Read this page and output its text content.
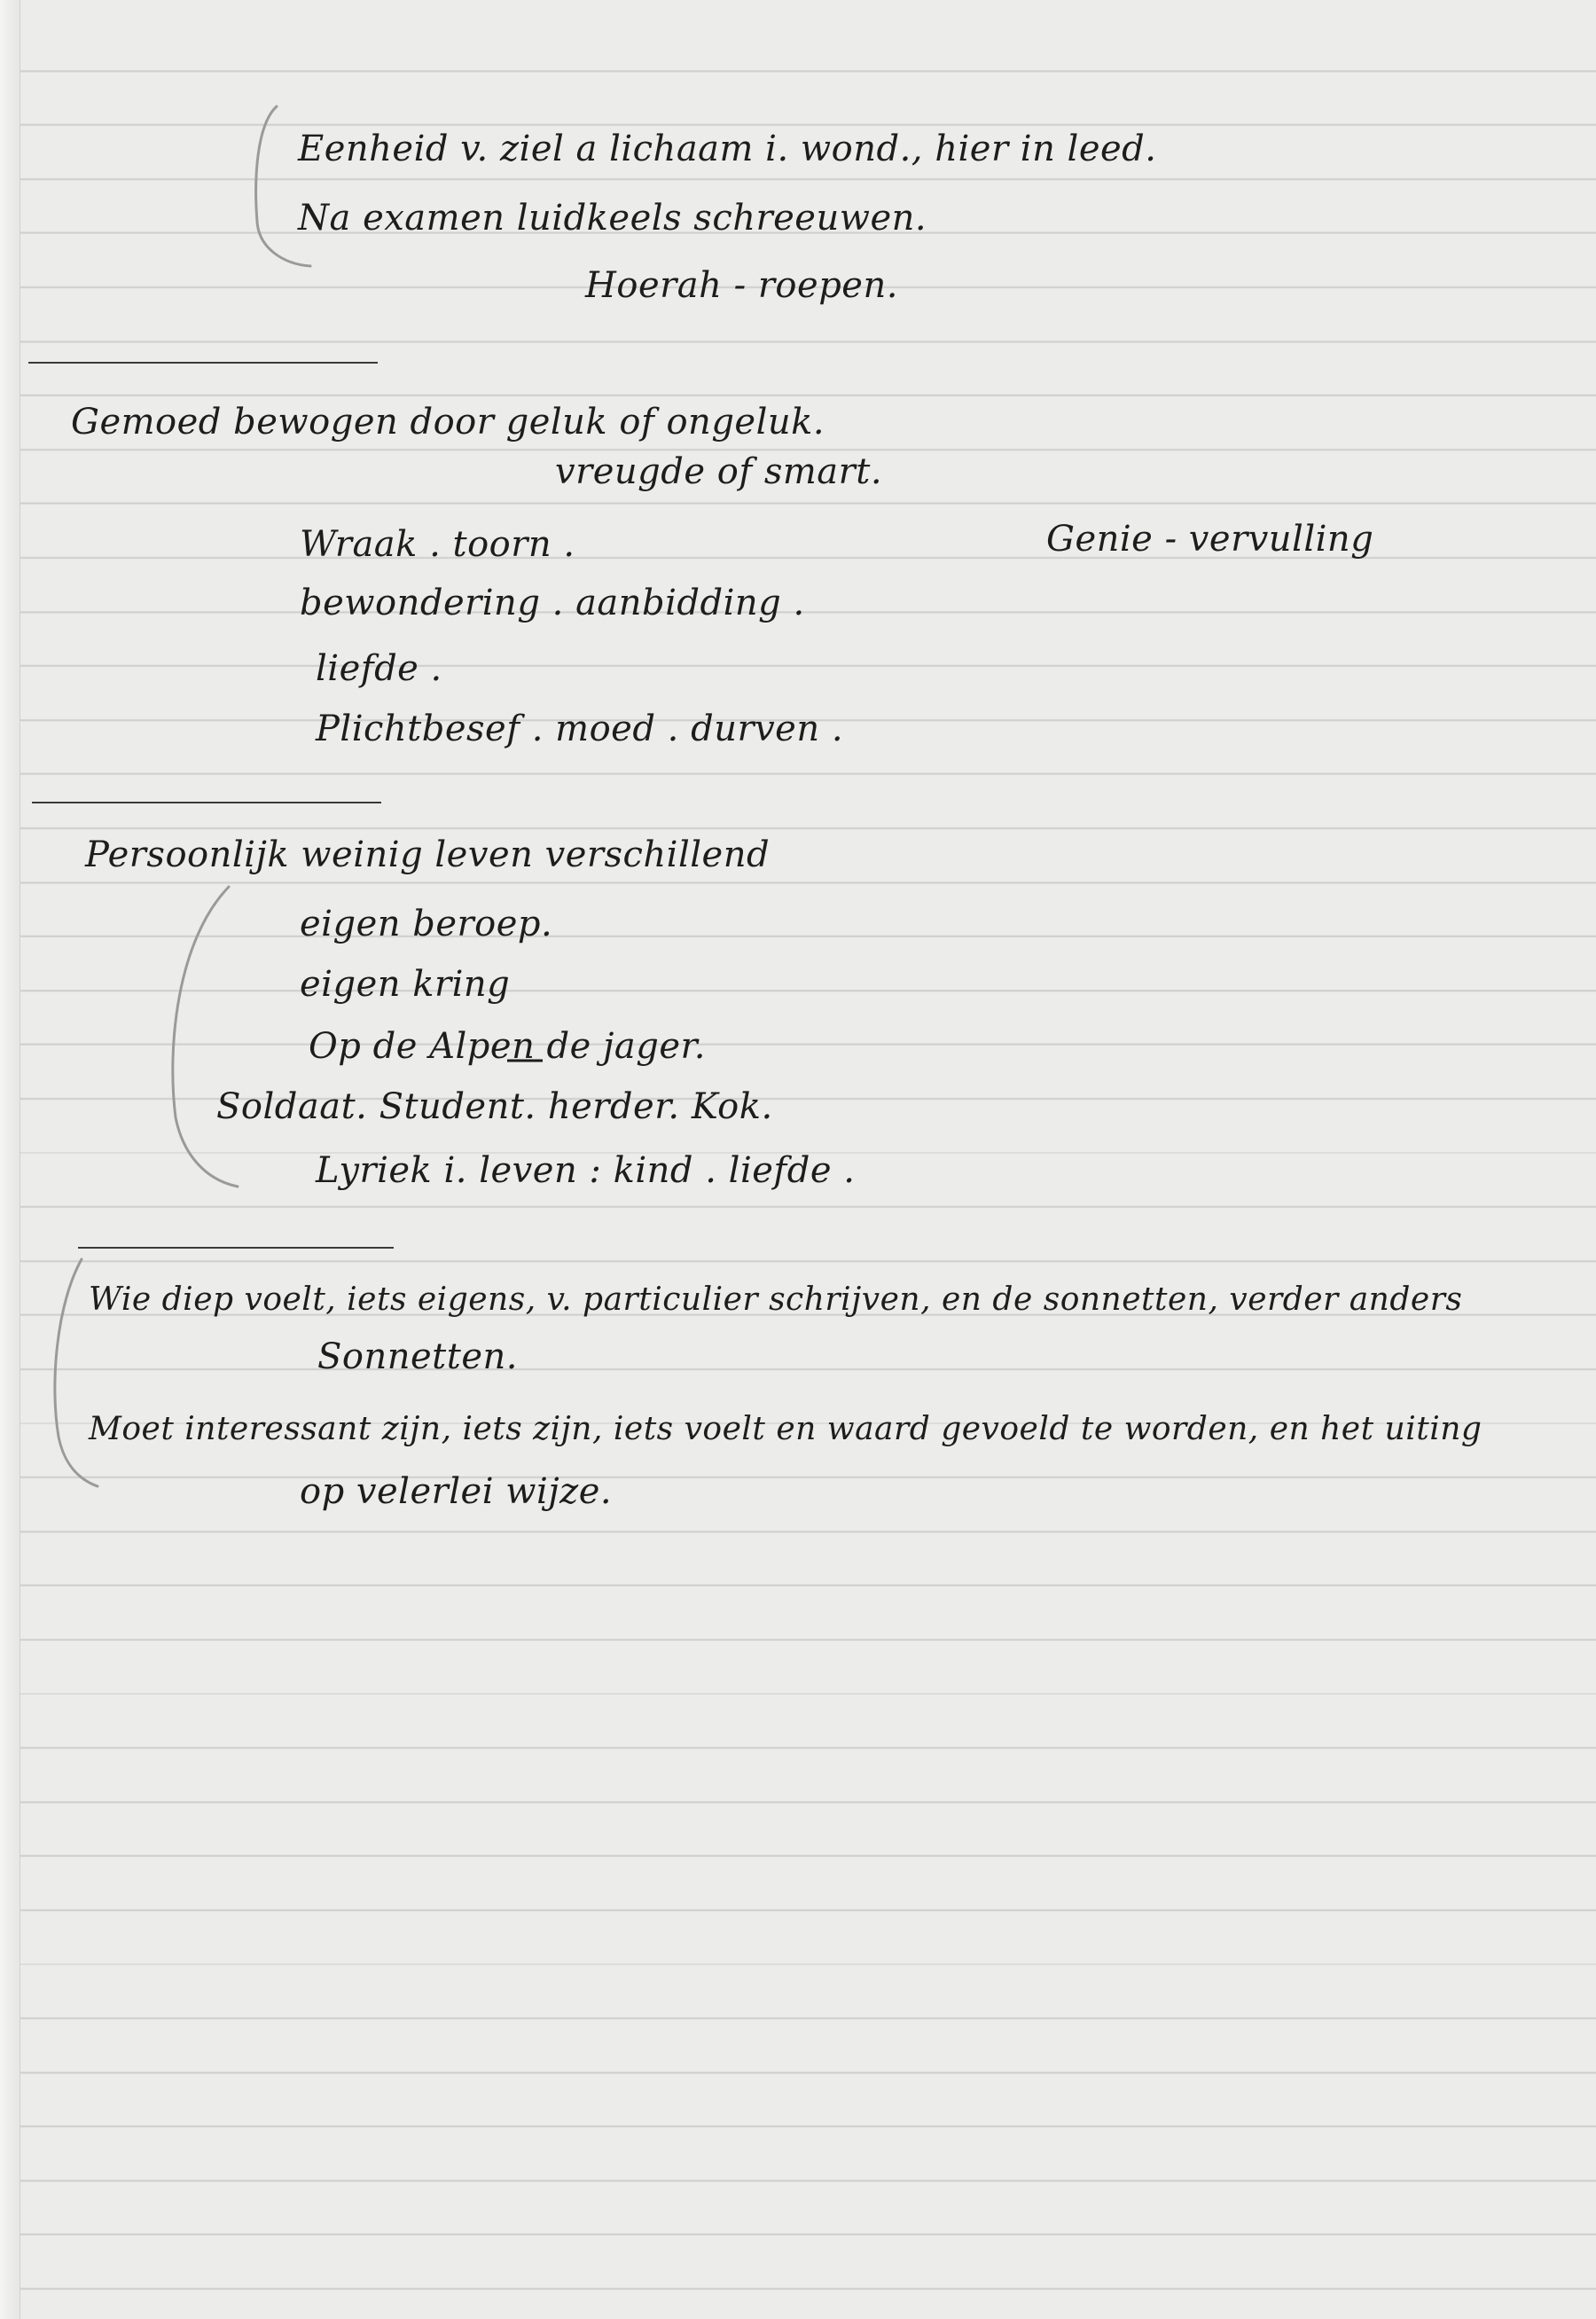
Eenheid v. ziel a lichaam i. wond., hier in leed.
Na examen luidkeels schreeuwen.
Hoerah - roepen.
Gemoed bewogen door geluk of ongeluk.
vreugde of smart.
Genie - vervulling
Wraak . toorn .
bewondering . aanbidding .
liefde .
Plichtbesef . moed . durven .
Persoonlijk weinig leven verschillend
eigen beroep.
eigen kring
Op de Alpen de jager.
Soldaat. Student. herder. Kok.
Lyriek i. leven : kind . liefde .
Wie diep voelt, iets eigens, v. particulier schrijven, en de sonnetten, verder anders
Sonnetten.
Moet interessant zijn, iets zijn, iets voelt en waard gevoeld te worden, en het uiting
op velerlei wijze.
